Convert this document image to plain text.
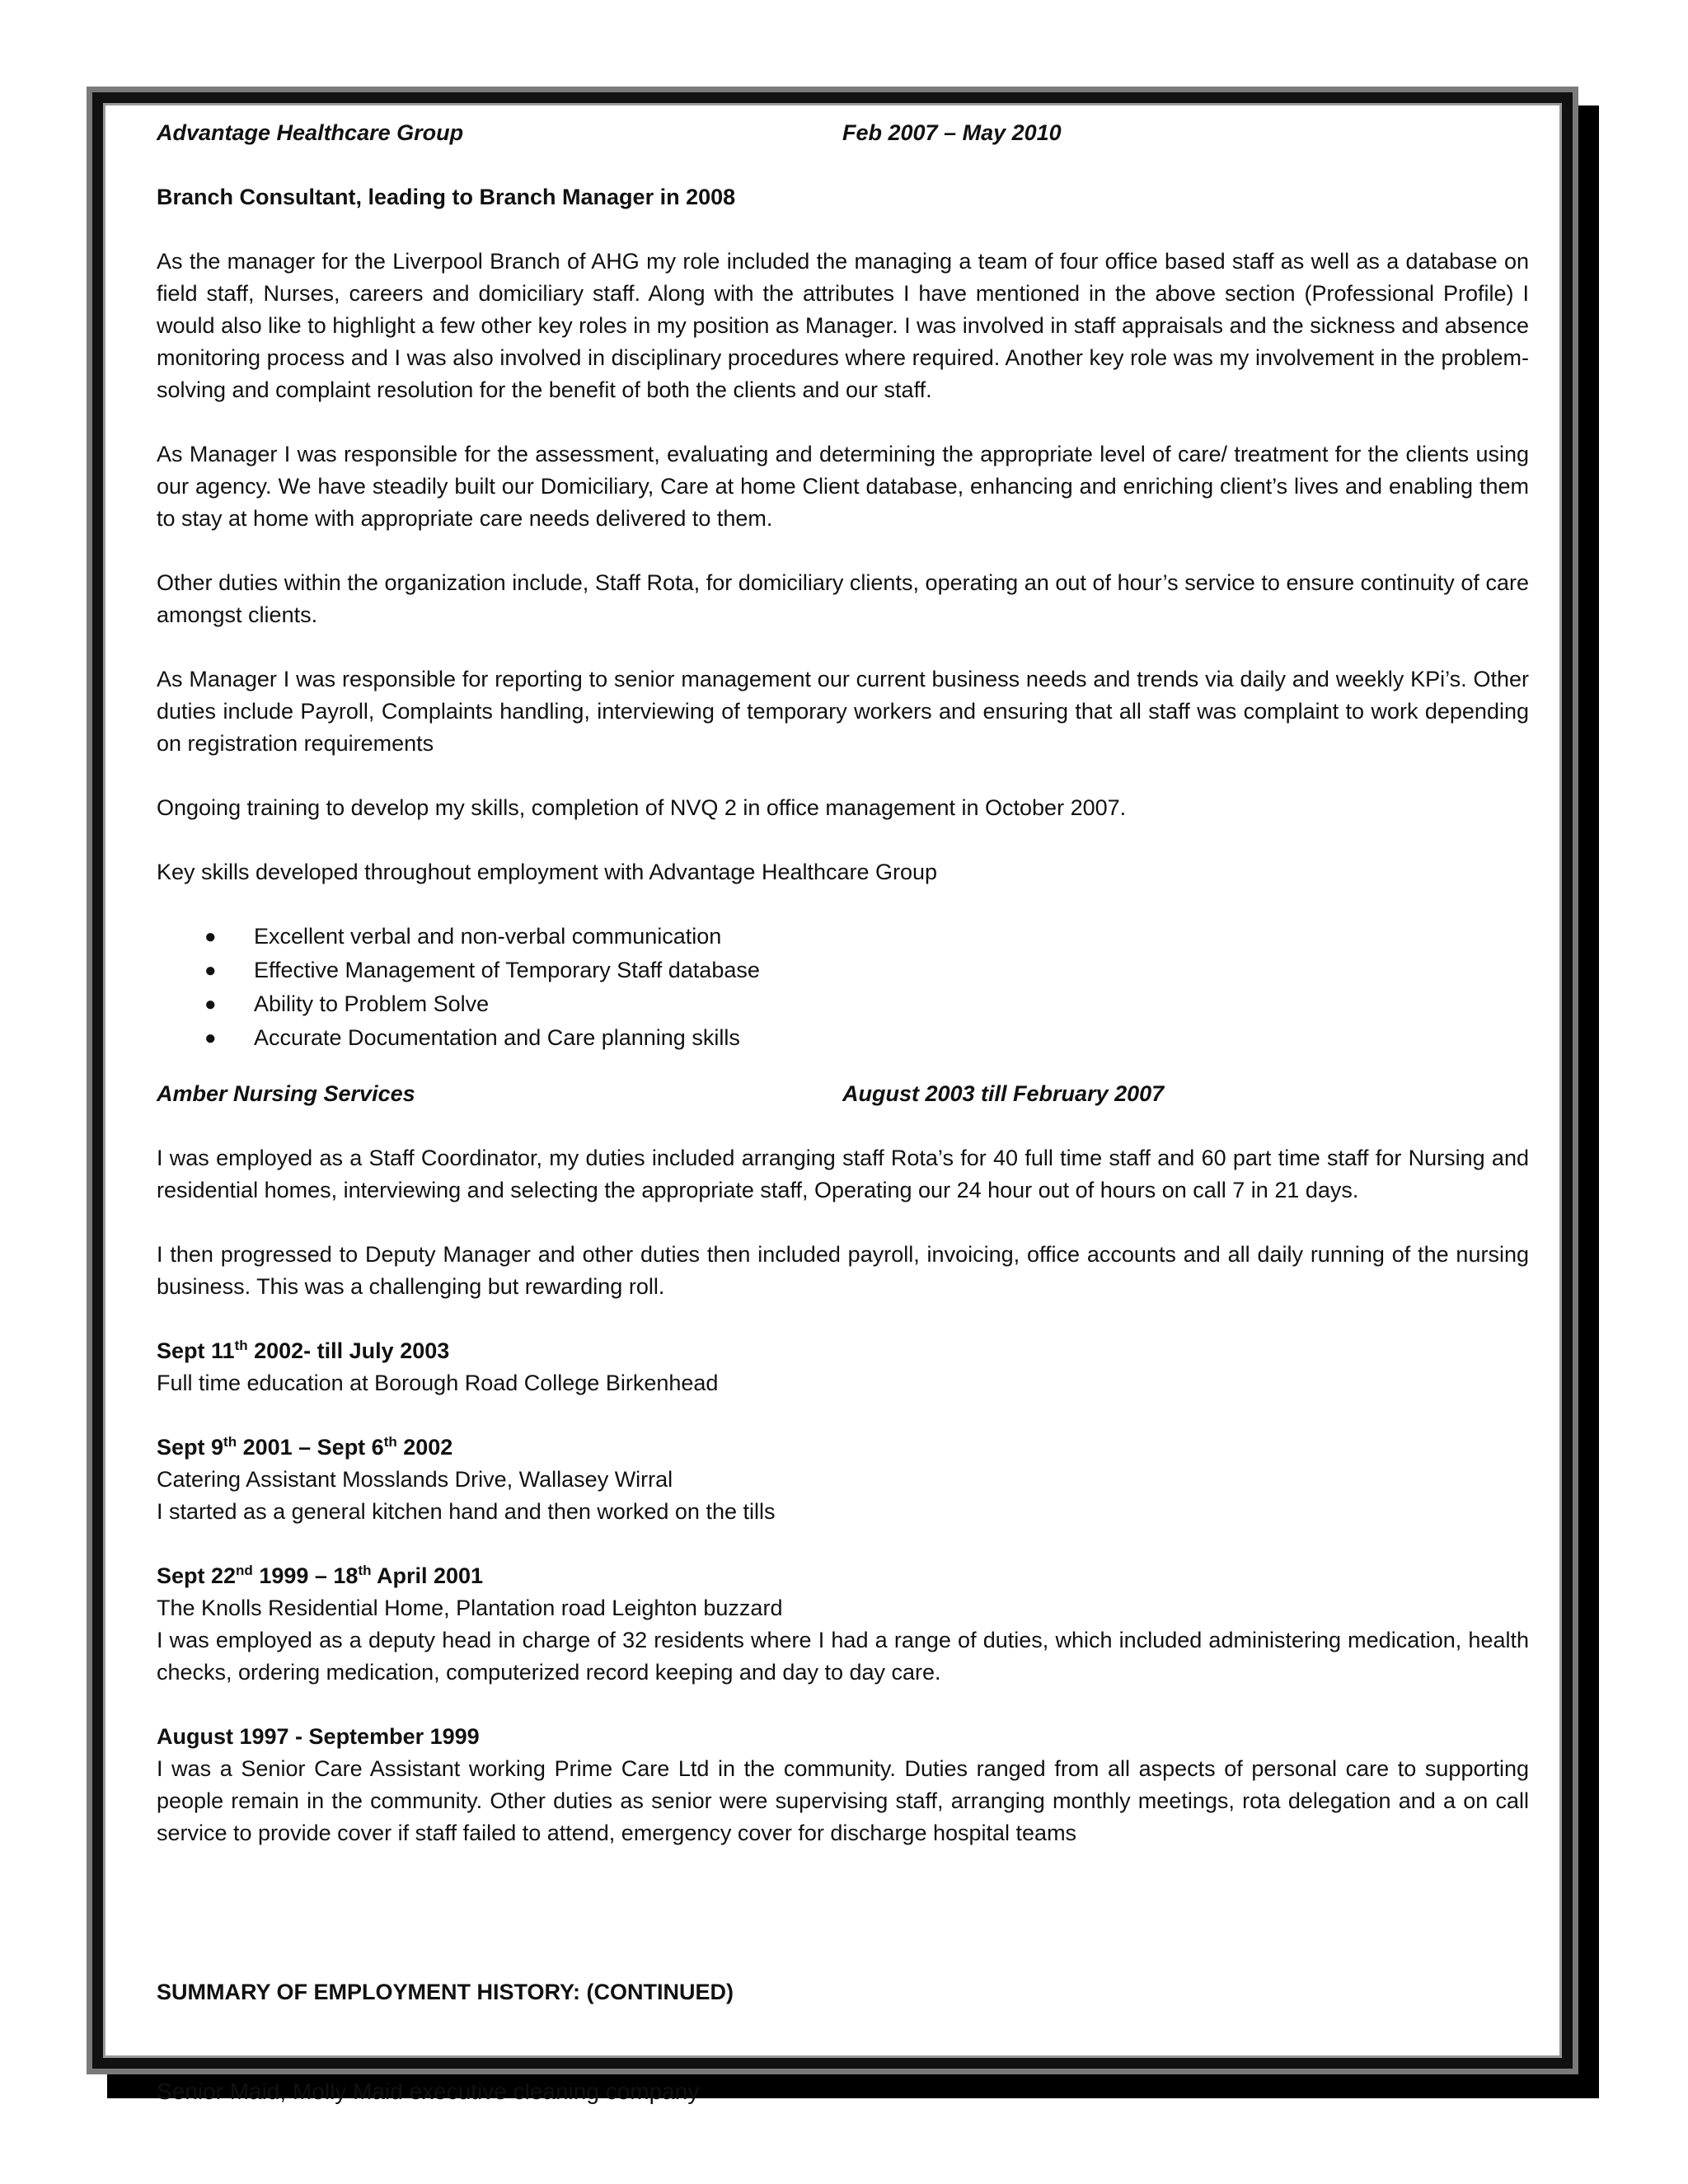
Advantage Healthcare Group	Feb 2007 – May 2010

Branch Consultant, leading to Branch Manager in 2008

As the manager for the Liverpool Branch of AHG my role included the managing a team of four office based staff as well as a database on field staff, Nurses, careers and domiciliary staff. Along with the attributes I have mentioned in the above section (Professional Profile) I would also like to highlight a few other key roles in my position as Manager. I was involved in staff appraisals and the sickness and absence monitoring process and I was also involved in disciplinary procedures where required. Another key role was my involvement in the problem-solving and complaint resolution for the benefit of both the clients and our staff.

As Manager I was responsible for the assessment, evaluating and determining the appropriate level of care/ treatment for the clients using our agency. We have steadily built our Domiciliary, Care at home Client database, enhancing and enriching client’s lives and enabling them to stay at home with appropriate care needs delivered to them.

Other duties within the organization include, Staff Rota, for domiciliary clients, operating an out of hour’s service to ensure continuity of care amongst clients.

As Manager I was responsible for reporting to senior management our current business needs and trends via daily and weekly KPi’s. Other duties include Payroll, Complaints handling, interviewing of temporary workers and ensuring that all staff was complaint to work depending on registration requirements

Ongoing training to develop my skills, completion of NVQ 2 in office management in October 2007.

Key skills developed throughout employment with Advantage Healthcare Group

● Excellent verbal and non-verbal communication
● Effective Management of Temporary Staff database
● Ability to Problem Solve
● Accurate Documentation and Care planning skills
Amber Nursing Services	August 2003 till February 2007

I was employed as a Staff Coordinator, my duties included arranging staff Rota’s for 40 full time staff and 60 part time staff for Nursing and residential homes, interviewing and selecting the appropriate staff, Operating our 24 hour out of hours on call 7 in 21 days.

I then progressed to Deputy Manager and other duties then included payroll, invoicing, office accounts and all daily running of the nursing business. This was a challenging but rewarding roll.

Sept 11th 2002- till July 2003
Full time education at Borough Road College Birkenhead
Sept 9th 2001 – Sept 6th 2002
Catering Assistant Mosslands Drive, Wallasey Wirral
I started as a general kitchen hand and then worked on the tills
Sept 22nd 1999 – 18th April 2001
The Knolls Residential Home, Plantation road Leighton buzzard
I was employed as a deputy head in charge of 32 residents where I had a range of duties, which included administering medication, health checks, ordering medication, computerized record keeping and day to day care.
August 1997 - September 1999
I was a Senior Care Assistant working Prime Care Ltd in the community. Duties ranged from all aspects of personal care to supporting people remain in the community. Other duties as senior were supervising staff, arranging monthly meetings, rota delegation and a on call service to provide cover if staff failed to attend, emergency cover for discharge hospital teams
SUMMARY OF EMPLOYMENT HISTORY: (CONTINUED)
Senior Maid, Molly Maid executive cleaning company
